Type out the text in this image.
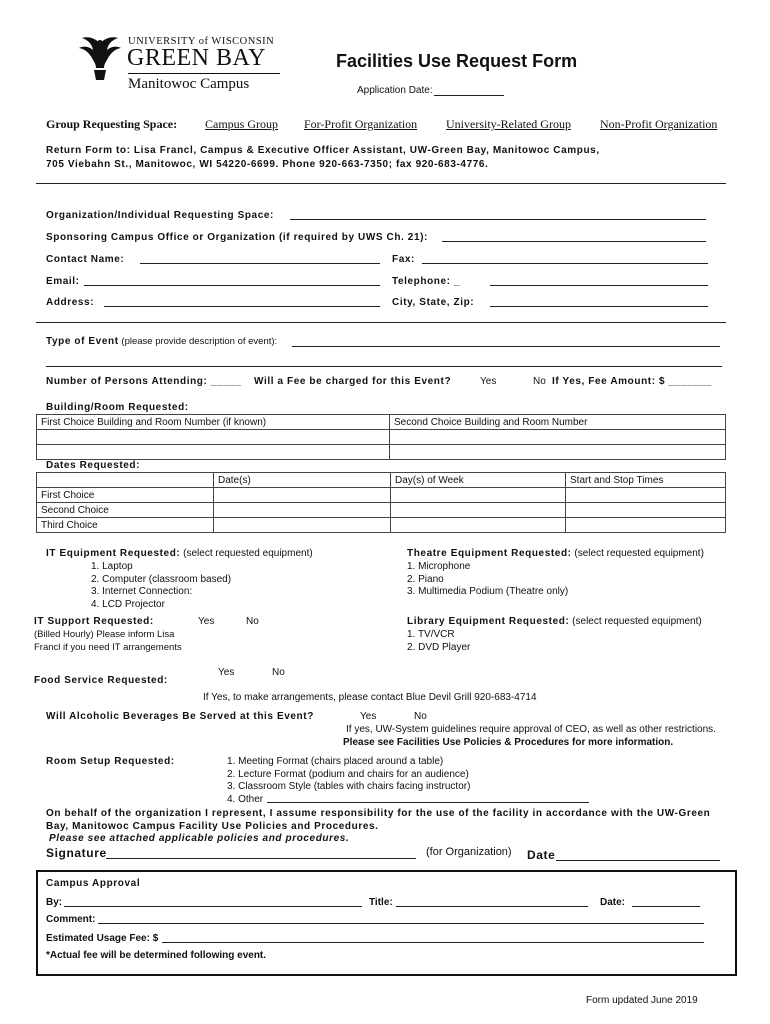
UNIVERSITY of WISCONSIN
GREEN BAY
Manitowoc Campus
Facilities Use Request Form
Application Date:
Group Requesting Space: Campus Group For-Profit Organization University-Related Group Non-Profit Organization
Return Form to: Lisa Francl, Campus & Executive Officer Assistant, UW-Green Bay, Manitowoc Campus,
705 Viebahn St., Manitowoc, WI 54220-6699. Phone 920-663-7350; fax 920-683-4776.
Organization/Individual Requesting Space:
Sponsoring Campus Office or Organization (if required by UWS Ch. 21):
Contact Name:	Fax:
Email:	Telephone: _
Address:	City, State, Zip:
Type of Event (please provide description of event):
Number of Persons Attending: _____ Will a Fee be charged for this Event?	Yes	No If Yes, Fee Amount: $ _______
Building/Room Requested:
First Choice Building and Room Number (if known)	Second Choice Building and Room Number

Dates Requested:
	Date(s)	Day(s) of Week	Start and Stop Times
First Choice			
Second Choice			
Third Choice			
IT Equipment Requested: (select requested equipment)
1. Laptop
2. Computer (classroom based)
3. Internet Connection:
4. LCD Projector
Theatre Equipment Requested: (select requested equipment)
1. Microphone
2. Piano
3. Multimedia Podium (Theatre only)
IT Support Requested:	Yes	No
(Billed Hourly) Please inform Lisa
Francl if you need IT arrangements
Library Equipment Requested: (select requested equipment)
1. TV/VCR
2. DVD Player
Yes	No
Food Service Requested:
If Yes, to make arrangements, please contact Blue Devil Grill 920-683-4714
Will Alcoholic Beverages Be Served at this Event?	Yes	No
If yes, UW-System guidelines require approval of CEO, as well as other restrictions.
Please see Facilities Use Policies & Procedures for more information.
Room Setup Requested:	1. Meeting Format (chairs placed around a table)
2. Lecture Format (podium and chairs for an audience)
3. Classroom Style (tables with chairs facing instructor)
4. Other
On behalf of the organization I represent, I assume responsibility for the use of the facility in accordance with the UW-Green
Bay, Manitowoc Campus Facility Use Policies and Procedures.
Please see attached applicable policies and procedures.
Signature	(for Organization) Date
Campus Approval
By:	Title:	Date:
Comment:
Estimated Usage Fee: $
*Actual fee will be determined following event.
Form updated June 2019
